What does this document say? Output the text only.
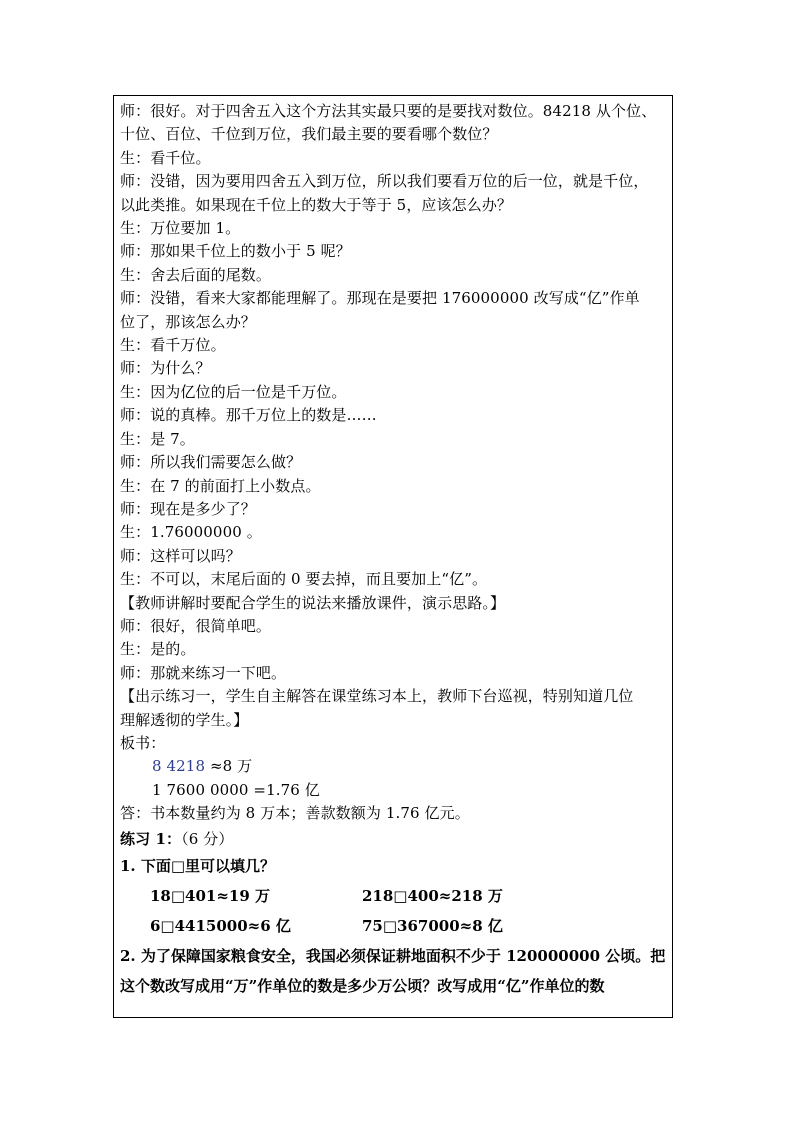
师：很好。对于四舍五入这个方法其实最只要的是要找对数位。84218 从个位、
十位、百位、千位到万位，我们最主要的要看哪个数位？
生：看千位。
师：没错，因为要用四舍五入到万位，所以我们要看万位的后一位，就是千位，
以此类推。如果现在千位上的数大于等于 5，应该怎么办？
生：万位要加 1。
师：那如果千位上的数小于 5 呢？
生：舍去后面的尾数。
师：没错，看来大家都能理解了。那现在是要把 176000000 改写成“亿”作单
位了，那该怎么办？
生：看千万位。
师：为什么？
生：因为亿位的后一位是千万位。
师：说的真棒。那千万位上的数是……
生：是 7。
师：所以我们需要怎么做？
生：在 7 的前面打上小数点。
师：现在是多少了？
生：1.76000000 。
师：这样可以吗？
生：不可以，末尾后面的 0 要去掉，而且要加上“亿”。
【教师讲解时要配合学生的说法来播放课件，演示思路。】
师：很好，很简单吧。
生：是的。
师：那就来练习一下吧。
【出示练习一，学生自主解答在课堂练习本上，教师下台巡视，特别知道几位
理解透彻的学生。】
板书：
8 4218 ≈8 万
1 7600 0000 =1.76 亿
答：书本数量约为 8 万本；善款数额为 1.76 亿元。
练习 1：（6 分）
1. 下面□里可以填几？
18□401≈19 万	218□400≈218 万
6□4415000≈6 亿	75□367000≈8 亿
2. 为了保障国家粮食安全，我国必须保证耕地面积不少于 120000000 公顷。把
这个数改写成用“万”作单位的数是多少万公顷？改写成用“亿”作单位的数
